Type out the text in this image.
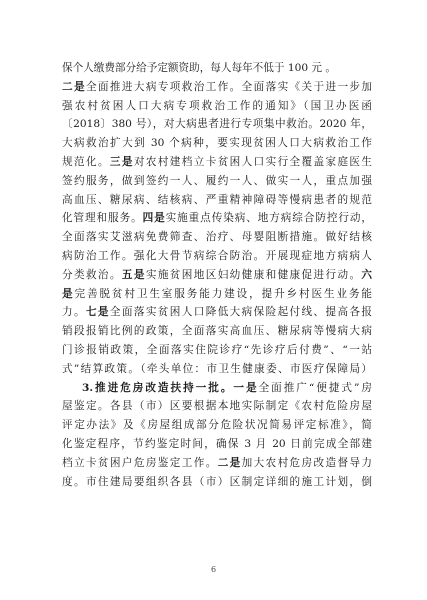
保个人缴费部分给予定额资助，每人每年不低于 100 元 。
二是全面推进大病专项救治工作。全面落实《关于进一步加
强农村贫困人口大病专项救治工作的通知》（国卫办医函
〔2018〕380 号），对大病患者进行专项集中救治。2020 年，
大病救治扩大到 30 个病种，要实现贫困人口大病救治工作
规范化。三是对农村建档立卡贫困人口实行全覆盖家庭医生
签约服务，做到签约一人、履约一人、做实一人，重点加强
高血压、糖尿病、结核病、严重精神障碍等慢病患者的规范
化管理和服务。四是实施重点传染病、地方病综合防控行动，
全面落实艾滋病免费筛查、治疗、母婴阻断措施。做好结核
病防治工作。强化大骨节病综合防治。开展现症地方病病人
分类救治。五是实施贫困地区妇幼健康和健康促进行动。六
是完善脱贫村卫生室服务能力建设，提升乡村医生业务能
力。七是全面落实贫困人口降低大病保险起付线、提高各报
销段报销比例的政策，全面落实高血压、糖尿病等慢病大病
门诊报销政策，全面落实住院诊疗“先诊疗后付费”、“一站
式”结算政策。（牵头单位：市卫生健康委、市医疗保障局）
3.推进危房改造扶持一批。一是全面推广“便捷式”房
屋鉴定。各县（市）区要根据本地实际制定《农村危险房屋
评定办法》及《房屋组成部分危险状况简易评定标准》，简
化鉴定程序，节约鉴定时间，确保 3 月 20 日前完成全部建
档立卡贫困户危房鉴定工作。二是加大农村危房改造督导力
度。市住建局要组织各县（市）区制定详细的施工计划，倒
6
